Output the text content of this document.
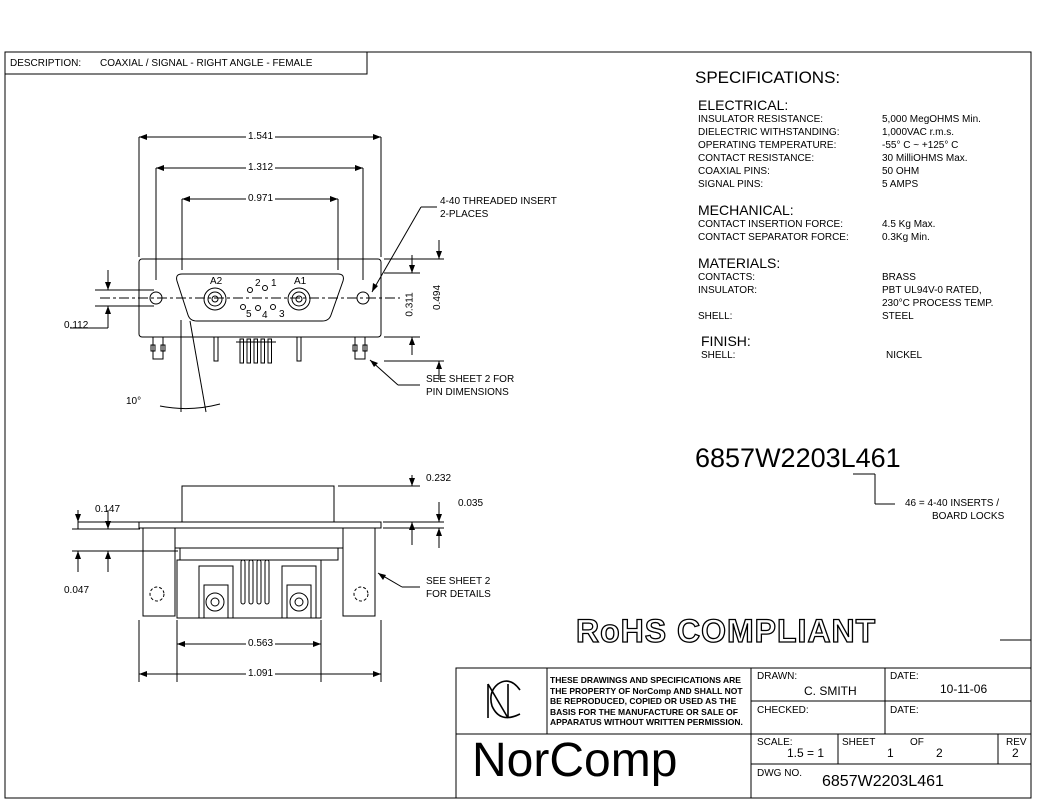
DESCRIPTION: COAXIAL / SIGNAL - RIGHT ANGLE - FEMALE
1.541
1.312
0.971
0.311 0.494
0.112
10°
A2	A1
1
2
3
4
5
4-40 THREADED INSERT
2-PLACES
SEE SHEET 2 FOR
PIN DIMENSIONS
0.147
0.047
0.232
0.035
0.563
1.091
SEE SHEET 2
FOR DETAILS
SPECIFICATIONS:
ELECTRICAL:
INSULATOR RESISTANCE:	5,000 MegOHMS Min.
DIELECTRIC WITHSTANDING:	1,000VAC r.m.s.
OPERATING TEMPERATURE:	-55° C ~ +125° C
CONTACT RESISTANCE:	30 MilliOHMS Max.
COAXIAL PINS:	50 OHM
SIGNAL PINS:	5 AMPS
MECHANICAL:
CONTACT INSERTION FORCE:	4.5 Kg Max.
CONTACT SEPARATOR FORCE:	0.3Kg Min.
MATERIALS:
CONTACTS:	BRASS
INSULATOR:	PBT UL94V-0 RATED,
230°C PROCESS TEMP.
SHELL:	STEEL
FINISH:
SHELL:	NICKEL
6857W2203L461
46 = 4-40 INSERTS /
BOARD LOCKS
RoHS COMPLIANT
THESE DRAWINGS AND SPECIFICATIONS ARE
THE PROPERTY OF NorComp AND SHALL NOT
BE REPRODUCED, COPIED OR USED AS THE
BASIS FOR THE MANUFACTURE OR SALE OF
APPARATUS WITHOUT WRITTEN PERMISSION.
NorComp
DRAWN:
C. SMITH
DATE:
10-11-06
CHECKED:	DATE:
SCALE:
1.5 = 1
SHEET
1
OF
2
REV
2
DWG NO. 6857W2203L461
